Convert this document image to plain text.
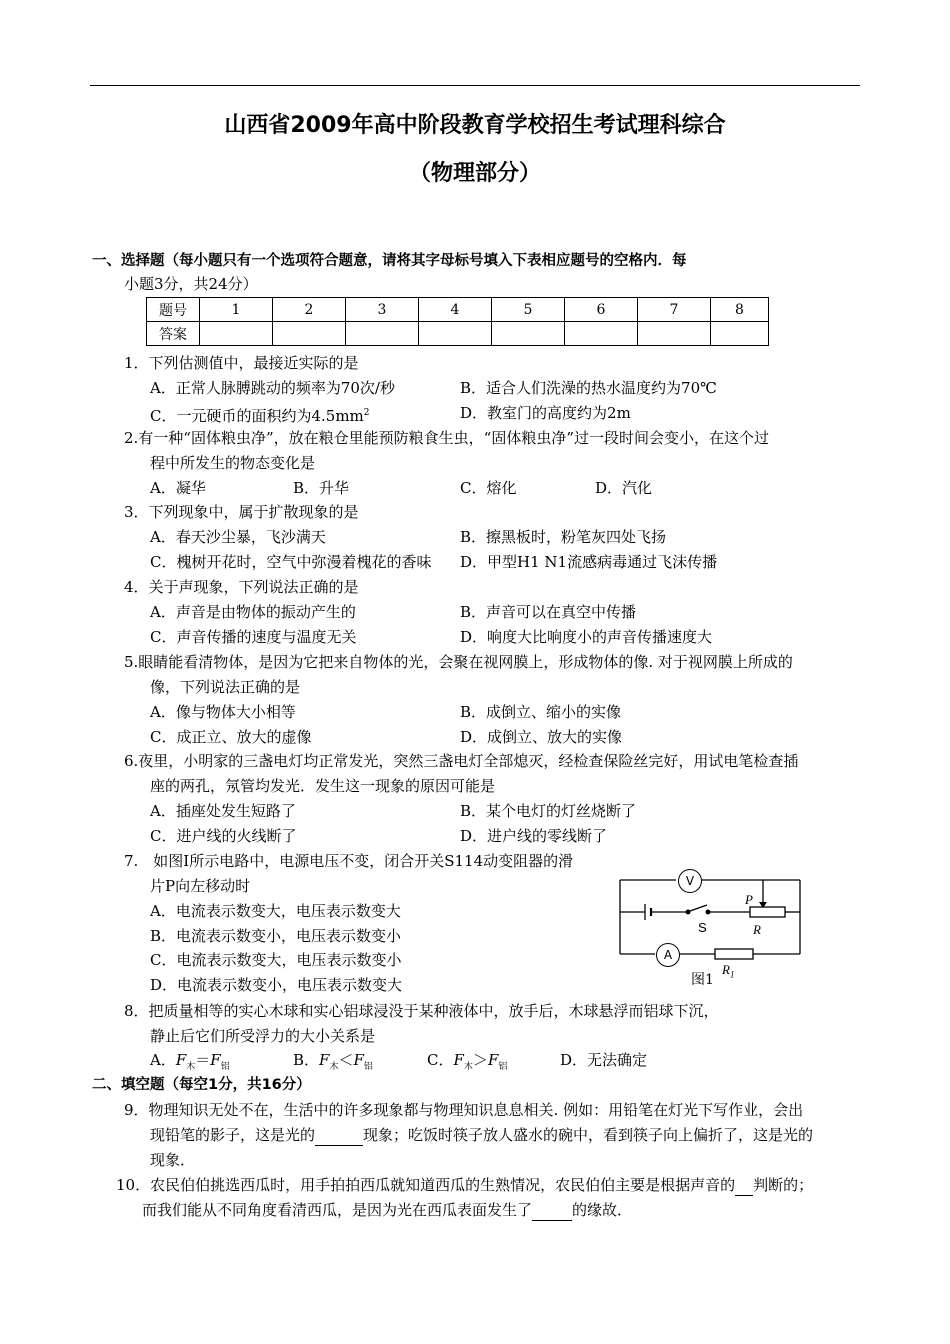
山西省2009年高中阶段教育学校招生考试理科综合
（物理部分）
一、选择题（每小题只有一个选项符合题意，请将其字母标号填入下表相应题号的空格内．每
小题3分，共24分）
题号	1	2	3	4	5	6	7	8
答案								
1．下列估测值中，最接近实际的是
A．正常人脉膊跳动的频率为70次/秒	B．适合人们洗澡的热水温度约为70℃
C．一元硬币的面积约为$4.5mm^2$	D．教室门的高度约为2m
2.有一种“固体粮虫净”，放在粮仓里能预防粮食生虫，“固体粮虫净”过一段时间会变小，在这个过
程中所发生的物态变化是
A．凝华	B．升华	C．熔化	D．汽化
3．下列现象中，属于扩散现象的是
A．春天沙尘暴，飞沙满天	B．擦黑板时，粉笔灰四处飞扬
C．槐树开花时，空气中弥漫着槐花的香味 D．甲型H1 N1流感病毒通过飞沫传播
4．关于声现象，下列说法正确的是
A．声音是由物体的振动产生的	B．声音可以在真空中传播
C．声音传播的速度与温度无关	D．响度大比响度小的声音传播速度大
5.眼睛能看清物体，是因为它把来自物体的光，会聚在视网膜上，形成物体的像. 对于视网膜上所成的
像，下列说法正确的是
A．像与物体大小相等	B．成倒立、缩小的实像
C．成正立、放大的虚像	D．成倒立、放大的实像
6.夜里，小明家的三盏电灯均正常发光，突然三盏电灯全部熄灭，经检查保险丝完好，用试电笔检查插
座的两孔，氖管均发光．发生这一现象的原因可能是
A．插座处发生短路了	B．某个电灯的灯丝烧断了
C．进户线的火线断了	D．进户线的零线断了
7.　如图I所示电路中，电源电压不变，闭合开关S114动变阻器的滑
片P向左移动时
A．电流表示数变大，电压表示数变大
B．电流表示数变小，电压表示数变小
C．电流表示数变大，电压表示数变小
D．电流表示数变小，电压表示数变大
V
A
S
P
R
$R_1$
图1
8．把质量相等的实心木球和实心铝球浸没于某种液体中，放手后，木球悬浮而铝球下沉，
静止后它们所受浮力的大小关系是
A．$F_木=F_铝$	B．$F_木<F_铝$	C．$F_木>F_铝$	D．无法确定
二、填空题（每空1分，共16分）
9．物理知识无处不在，生活中的许多现象都与物理知识息息相关. 例如：用铅笔在灯光下写作业，会出
现铅笔的影子，这是光的	现象；吃饭时筷子放人盛水的碗中，看到筷子向上偏折了，这是光的
现象．
10．农民伯伯挑选西瓜时，用手拍拍西瓜就知道西瓜的生熟情况，农民伯伯主要是根据声音的 判断的；
而我们能从不同角度看清西瓜，是因为光在西瓜表面发生了	的缘故．
